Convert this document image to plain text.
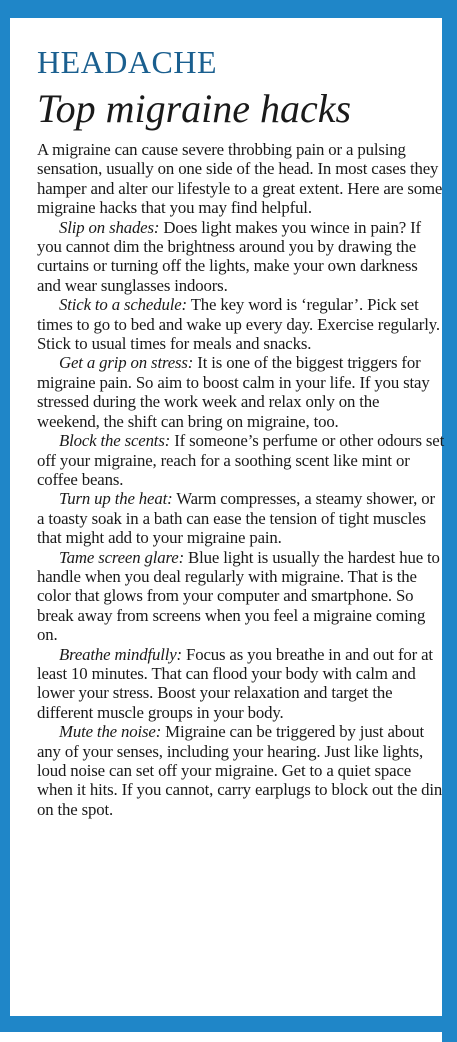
HEADACHE
Top migraine hacks

A migraine can cause severe throbbing pain or a pulsing sensation, usually on one side of the head. In most cases they hamper and alter our lifestyle to a great extent. Here are some migraine hacks that you may find helpful.

Slip on shades: Does light makes you wince in pain? If you cannot dim the brightness around you by drawing the curtains or turning off the lights, make your own darkness and wear sunglasses indoors.

Stick to a schedule: The key word is ‘regular’. Pick set times to go to bed and wake up every day. Exercise regularly. Stick to usual times for meals and snacks.

Get a grip on stress: It is one of the biggest triggers for migraine pain. So aim to boost calm in your life. If you stay stressed during the work week and relax only on the weekend, the shift can bring on migraine, too.

Block the scents: If someone’s perfume or other odours set off your migraine, reach for a soothing scent like mint or coffee beans.

Turn up the heat: Warm compresses, a steamy shower, or a toasty soak in a bath can ease the tension of tight muscles that might add to your migraine pain.

Tame screen glare: Blue light is usually the hardest hue to handle when you deal regularly with migraine. That is the color that glows from your computer and smartphone. So break away from screens when you feel a migraine coming on.

Breathe mindfully: Focus as you breathe in and out for at least 10 minutes. That can flood your body with calm and lower your stress. Boost your relaxation and target the different muscle groups in your body.

Mute the noise: Migraine can be triggered by just about any of your senses, including your hearing. Just like lights, loud noise can set off your migraine. Get to a quiet space when it hits. If you cannot, carry earplugs to block out the din on the spot.
